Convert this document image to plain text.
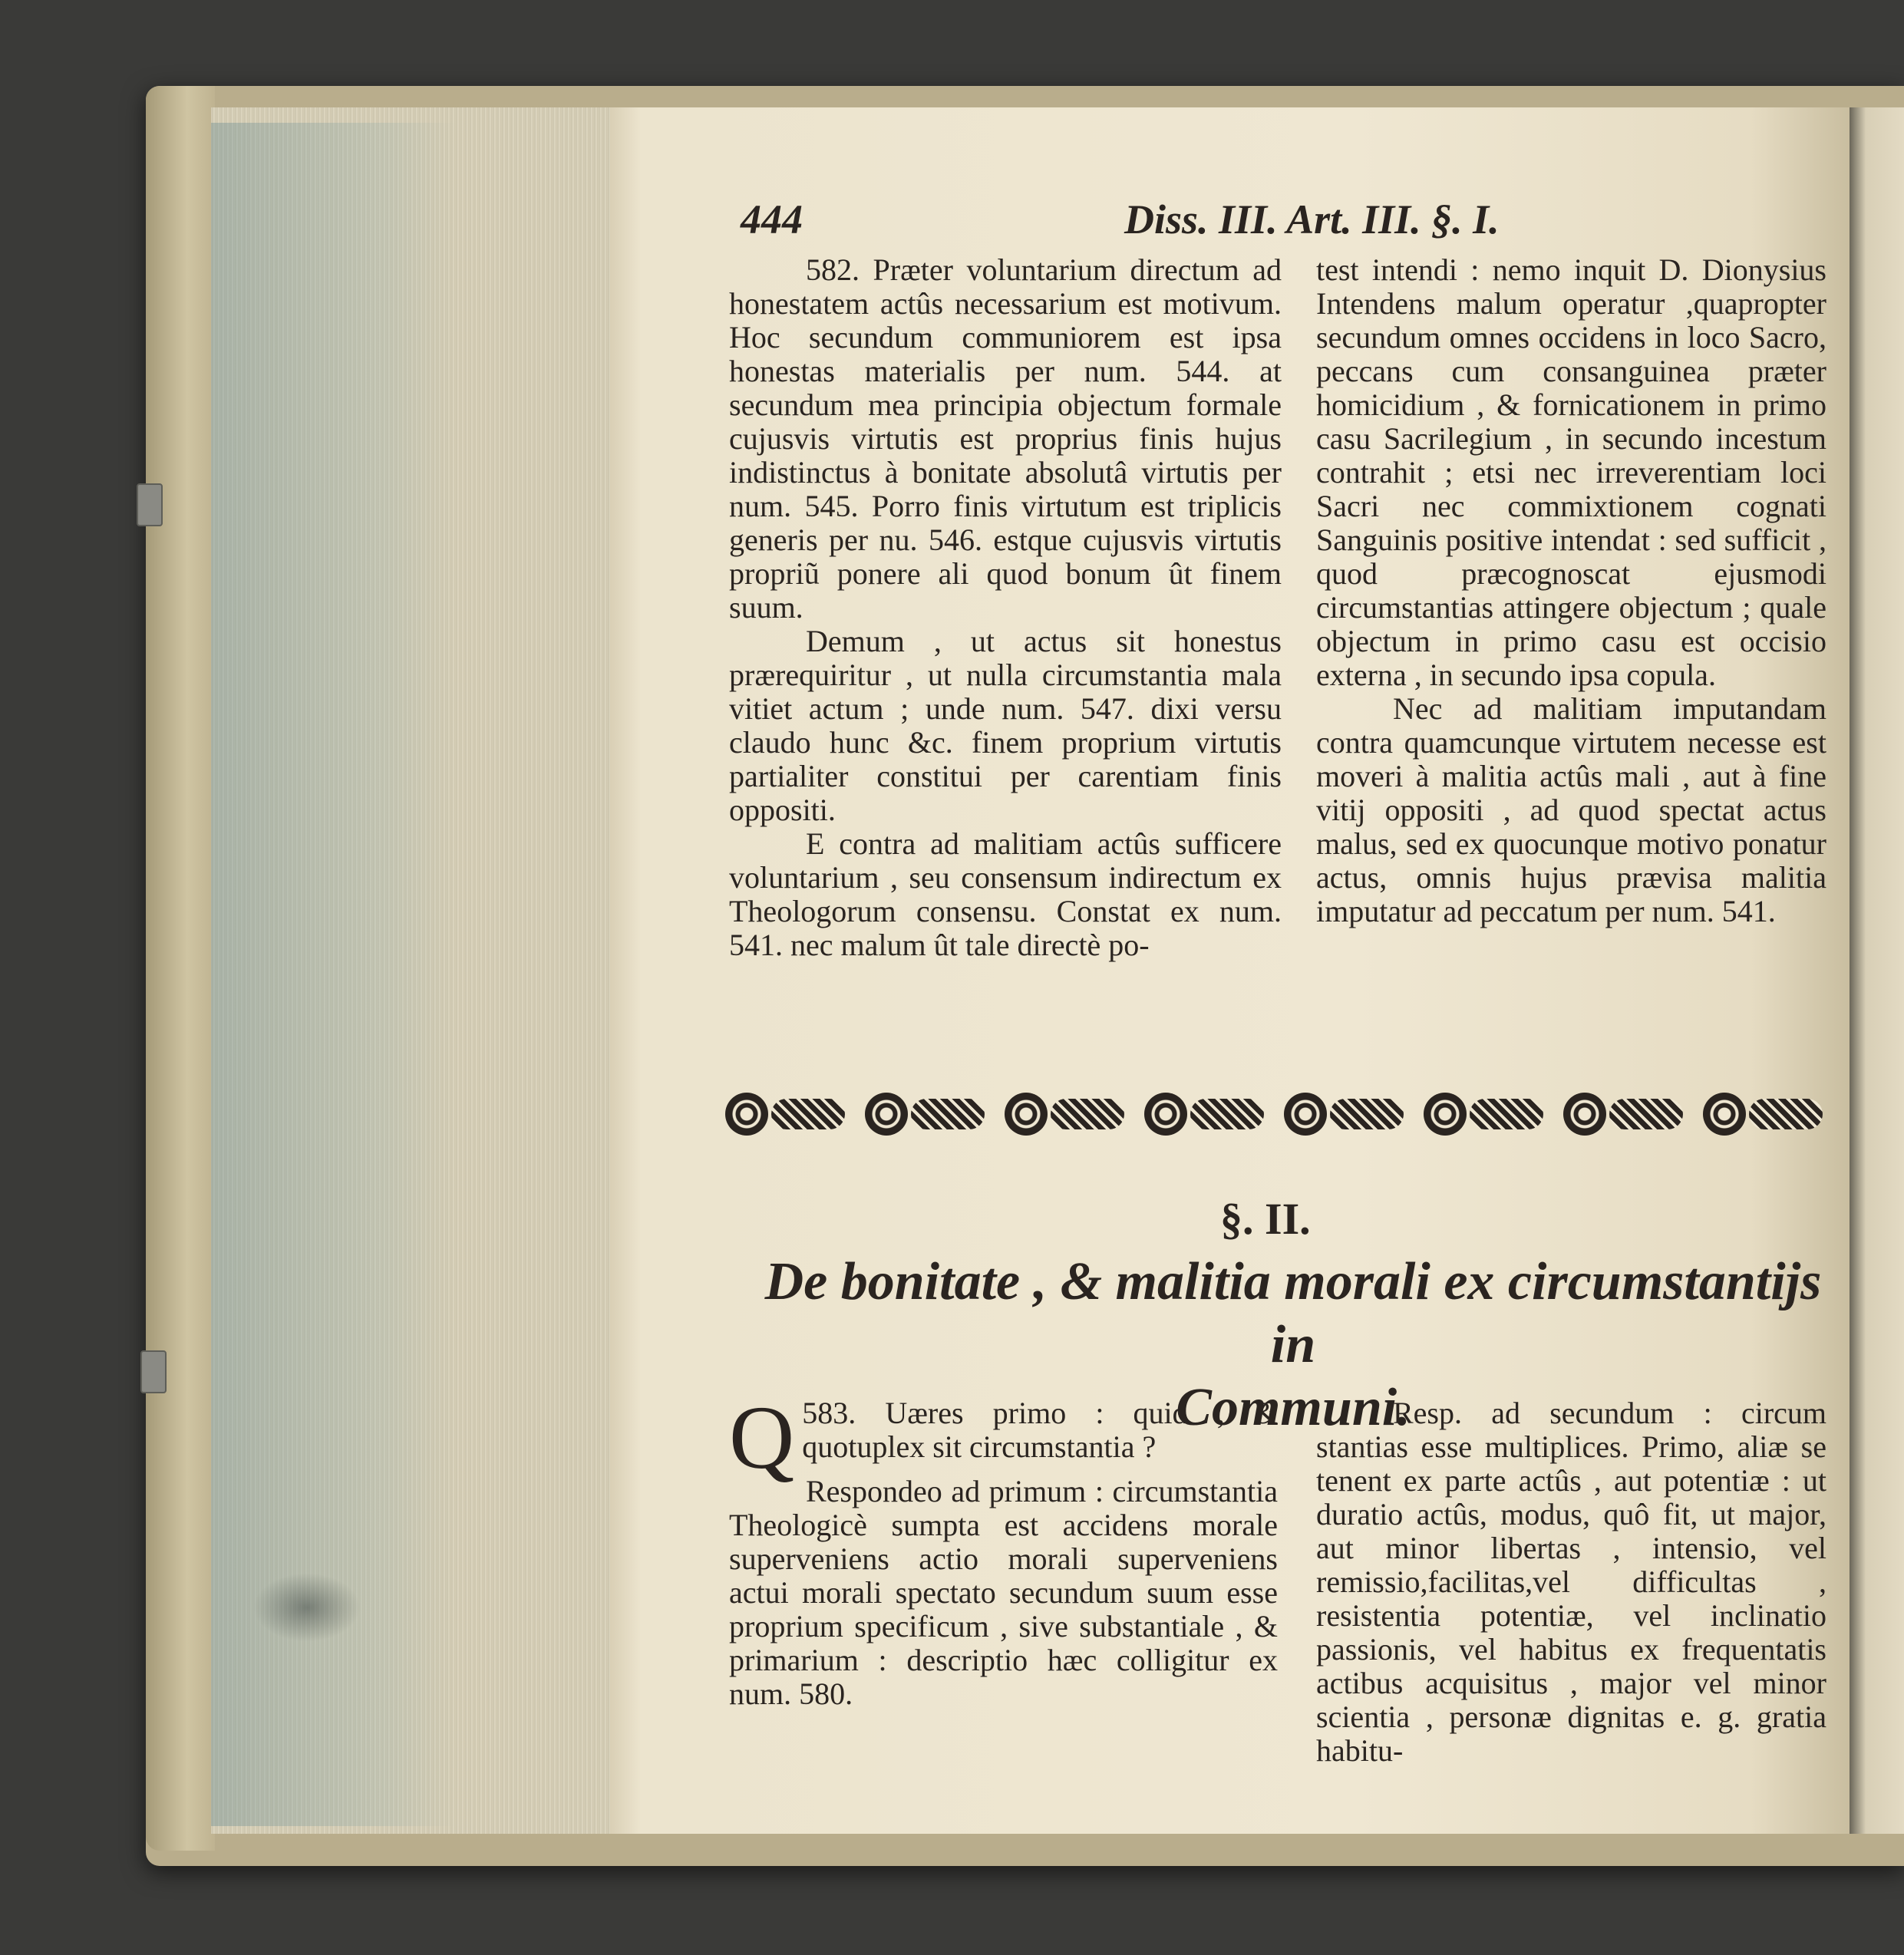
444	Diss. III. Art. III. §. I.

582. Præter voluntarium directum ad honestatem actûs necessarium est motivum. Hoc secundum communiorem est ipsa honestas materialis per num. 544. at secundum mea principia objectum formale cujusvis virtutis est proprius finis hujus indistinctus à bonitate absolutâ virtutis per num. 545. Porro finis virtutum est triplicis generis per nu. 546. estque cujusvis virtutis propriũ ponere ali quod bonum ût finem suum.

Demum , ut actus sit honestus prærequiritur , ut nulla circumstantia mala vitiet actum ; unde num. 547. dixi versu claudo hunc &c. finem proprium virtutis partialiter constitui per carentiam finis oppositi.

E contra ad malitiam actûs sufficere voluntarium , seu consensum indirectum ex Theologorum consensu. Constat ex num. 541. nec malum ût tale directè po-

test intendi : nemo inquit D. Dionysius Intendens malum operatur ,quapropter secundum omnes occidens in loco Sacro, peccans cum consanguinea præter homicidium , & fornicationem in primo casu Sacrilegium , in secundo incestum contrahit ; etsi nec irreverentiam loci Sacri nec commixtionem cognati Sanguinis positive intendat : sed sufficit , quod præcognoscat ejusmodi circumstantias attingere objectum ; quale objectum in primo casu est occisio externa , in secundo ipsa copula.

Nec ad malitiam imputandam contra quamcunque virtutem necesse est moveri à malitia actûs mali , aut à fine vitij oppositi , ad quod spectat actus malus, sed ex quocunque motivo ponatur actus, omnis hujus prævisa malitia imputatur ad peccatum per num. 541.

§. II.
De bonitate , & malitia morali ex circumstantijs in
Communi.

583.
Q	Uæres primo : quid , & quotuplex sit circumstantia ?

Respondeo ad primum : circumstantia Theologicè sumpta est accidens morale superveniens actio morali superveniens actui morali spectato secundum suum esse proprium specificum , sive substantiale , & primarium : descriptio hæc colligitur ex num. 580.

Resp. ad secundum : circum stantias esse multiplices. Primo, aliæ se tenent ex parte actûs , aut potentiæ : ut duratio actûs, modus, quô fit, ut major, aut minor libertas , intensio, vel remissio,facilitas,vel difficultas , resistentia potentiæ, vel inclinatio passionis, vel habitus ex frequentatis actibus acquisitus , major vel minor scientia , personæ dignitas e. g. gratia habitu-
